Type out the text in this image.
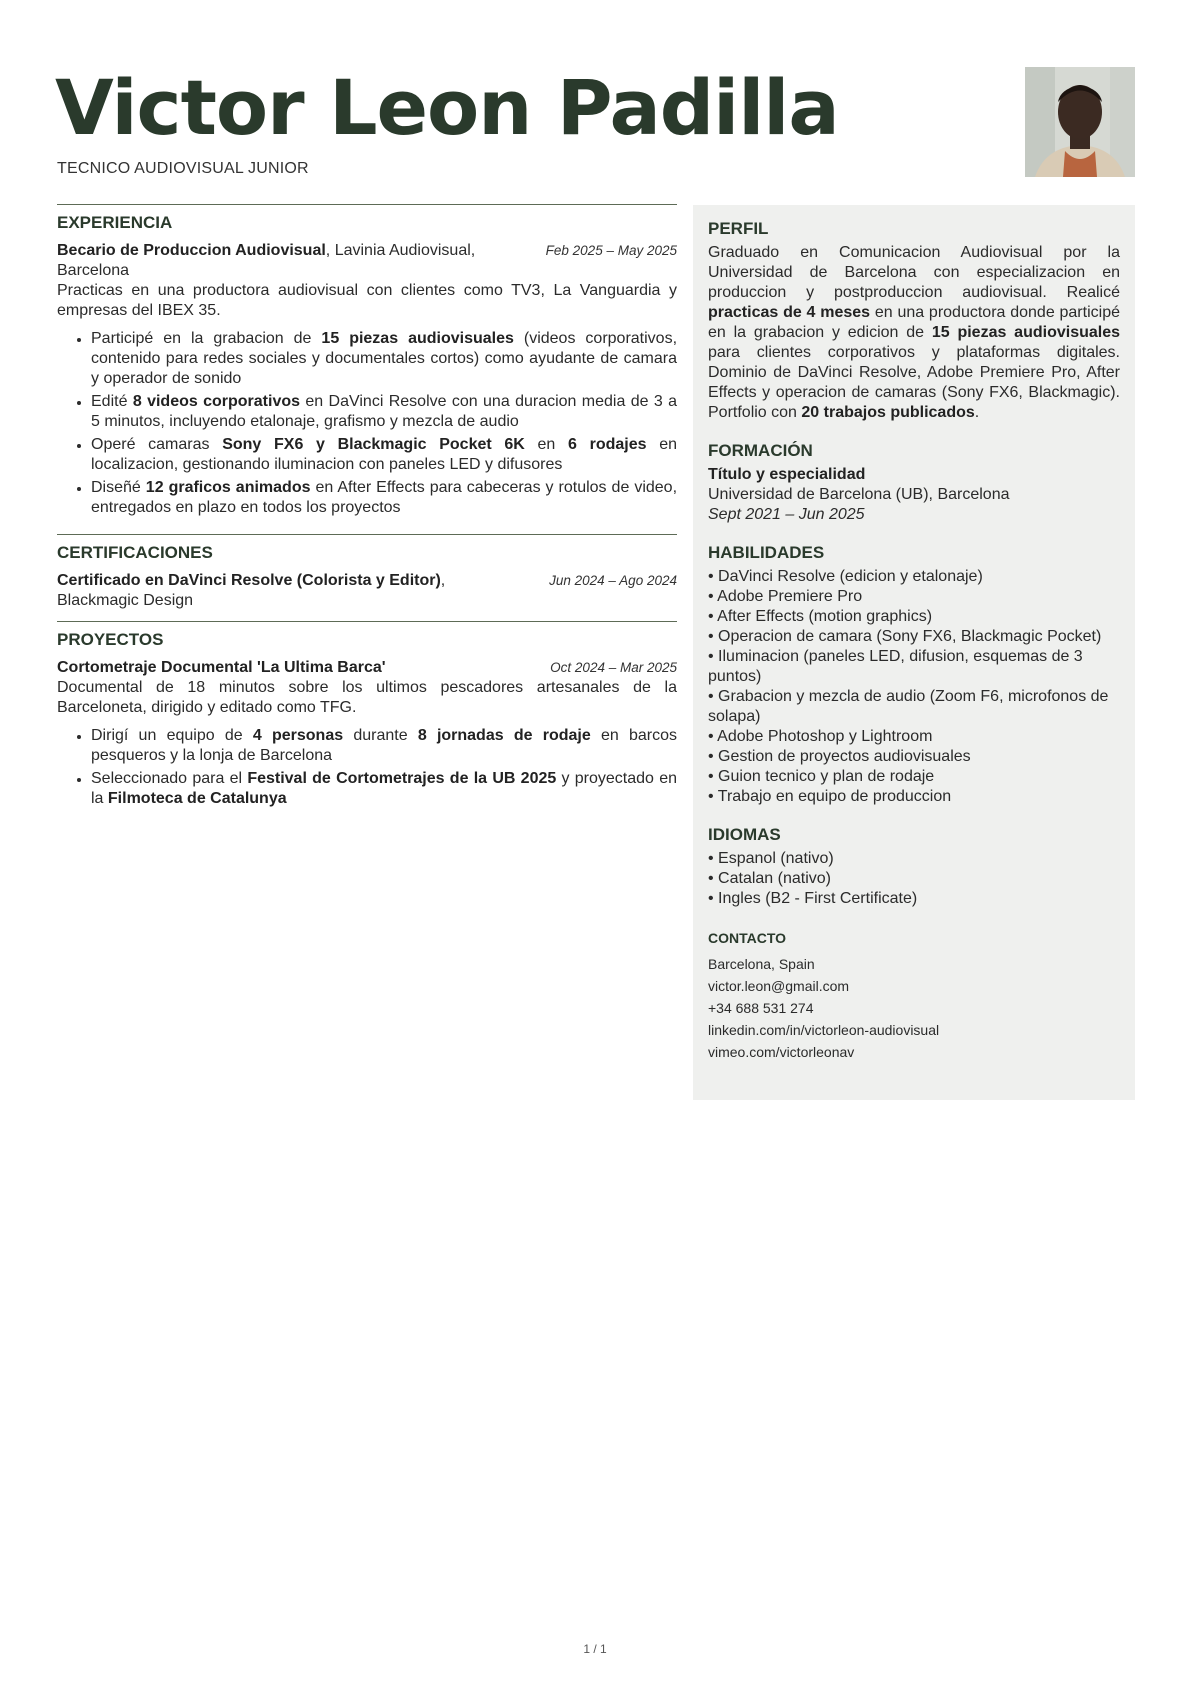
Victor Leon Padilla
TECNICO AUDIOVISUAL JUNIOR
EXPERIENCIA
Becario de Produccion Audiovisual, Lavinia Audiovisual, Barcelona
Feb 2025 – May 2025
Practicas en una productora audiovisual con clientes como TV3, La Vanguardia y empresas del IBEX 35.
• Participé en la grabacion de 15 piezas audiovisuales (videos corporativos, contenido para redes sociales y documentales cortos) como ayudante de camara y operador de sonido
• Edité 8 videos corporativos en DaVinci Resolve con una duracion media de 3 a 5 minutos, incluyendo etalonaje, grafismo y mezcla de audio
• Operé camaras Sony FX6 y Blackmagic Pocket 6K en 6 rodajes en localizacion, gestionando iluminacion con paneles LED y difusores
• Diseñé 12 graficos animados en After Effects para cabeceras y rotulos de video, entregados en plazo en todos los proyectos
CERTIFICACIONES
Certificado en DaVinci Resolve (Colorista y Editor), Blackmagic Design
Jun 2024 – Ago 2024
PROYECTOS
Cortometraje Documental 'La Ultima Barca'	Oct 2024 – Mar 2025
Documental de 18 minutos sobre los ultimos pescadores artesanales de la Barceloneta, dirigido y editado como TFG.
• Dirigí un equipo de 4 personas durante 8 jornadas de rodaje en barcos pesqueros y la lonja de Barcelona
• Seleccionado para el Festival de Cortometrajes de la UB 2025 y proyectado en la Filmoteca de Catalunya
PERFIL
Graduado en Comunicacion Audiovisual por la Universidad de Barcelona con especializacion en produccion y postproduccion audiovisual. Realicé practicas de 4 meses en una productora donde participé en la grabacion y edicion de 15 piezas audiovisuales para clientes corporativos y plataformas digitales. Dominio de DaVinci Resolve, Adobe Premiere Pro, After Effects y operacion de camaras (Sony FX6, Blackmagic). Portfolio con 20 trabajos publicados.
FORMACIÓN
Título y especialidad
Universidad de Barcelona (UB), Barcelona
Sept 2021 – Jun 2025
HABILIDADES
• DaVinci Resolve (edicion y etalonaje)
• Adobe Premiere Pro
• After Effects (motion graphics)
• Operacion de camara (Sony FX6, Blackmagic Pocket)
• Iluminacion (paneles LED, difusion, esquemas de 3 puntos)
• Grabacion y mezcla de audio (Zoom F6, microfonos de solapa)
• Adobe Photoshop y Lightroom
• Gestion de proyectos audiovisuales
• Guion tecnico y plan de rodaje
• Trabajo en equipo de produccion
IDIOMAS
• Espanol (nativo)
• Catalan (nativo)
• Ingles (B2 - First Certificate)
CONTACTO
Barcelona, Spain
victor.leon@gmail.com
+34 688 531 274
linkedin.com/in/victorleon-audiovisual
vimeo.com/victorleonav
1 / 1
